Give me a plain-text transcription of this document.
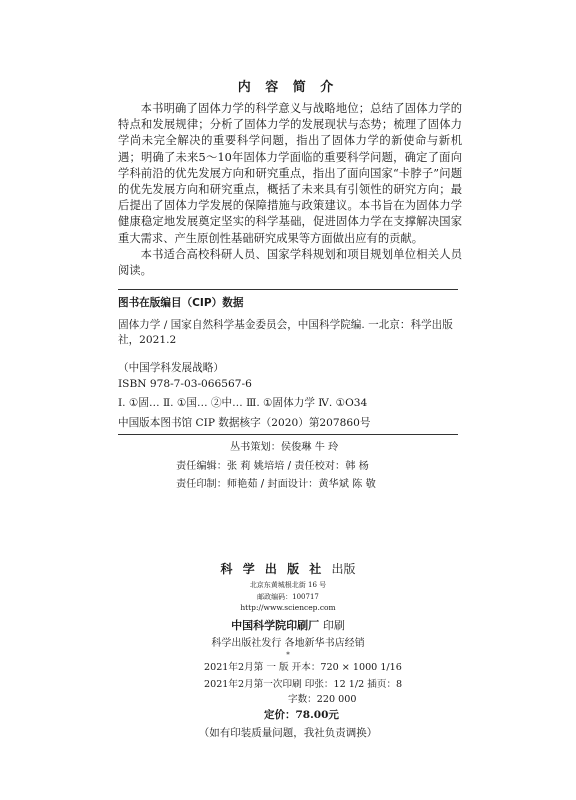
内 容 简 介

本书明确了固体力学的科学意义与战略地位；总结了固体力学的特点和发展规律；分析了固体力学的发展现状与态势；梳理了固体力学尚未完全解决的重要科学问题，指出了固体力学的新使命与新机遇；明确了未来5～10年固体力学面临的重要科学问题，确定了面向学科前沿的优先发展方向和研究重点，指出了面向国家“卡脖子”问题的优先发展方向和研究重点，概括了未来具有引领性的研究方向；最后提出了固体力学发展的保障措施与政策建议。本书旨在为固体力学健康稳定地发展奠定坚实的科学基础，促进固体力学在支撑解决国家重大需求、产生原创性基础研究成果等方面做出应有的贡献。

本书适合高校科研人员、国家学科规划和项目规划单位相关人员阅读。

图书在版编目（CIP）数据
固体力学 / 国家自然科学基金委员会，中国科学院编. 一北京：科学出版社，2021.2
（中国学科发展战略）
ISBN 978-7-03-066567-6
Ⅰ. ①固… Ⅱ. ①国… ②中… Ⅲ. ①固体力学 Ⅳ. ①O34
中国版本图书馆 CIP 数据核字（2020）第207860号
丛书策划：侯俊琳 牛 玲
责任编辑：张 莉 姚培培 / 责任校对：韩 杨
责任印制：师艳茹 / 封面设计：黄华斌 陈 敬
科 学 出 版 社 出版
北京东黄城根北街 16 号
邮政编码：100717
http://www.sciencep.com
中国科学院印刷厂 印刷
科学出版社发行 各地新华书店经销
*
2021年2月第 一 版 开本：720 × 1000 1/16
2021年2月第一次印刷 印张：12 1/2 插页：8
字数：220 000
定价：78.00元
（如有印装质量问题，我社负责调换）
